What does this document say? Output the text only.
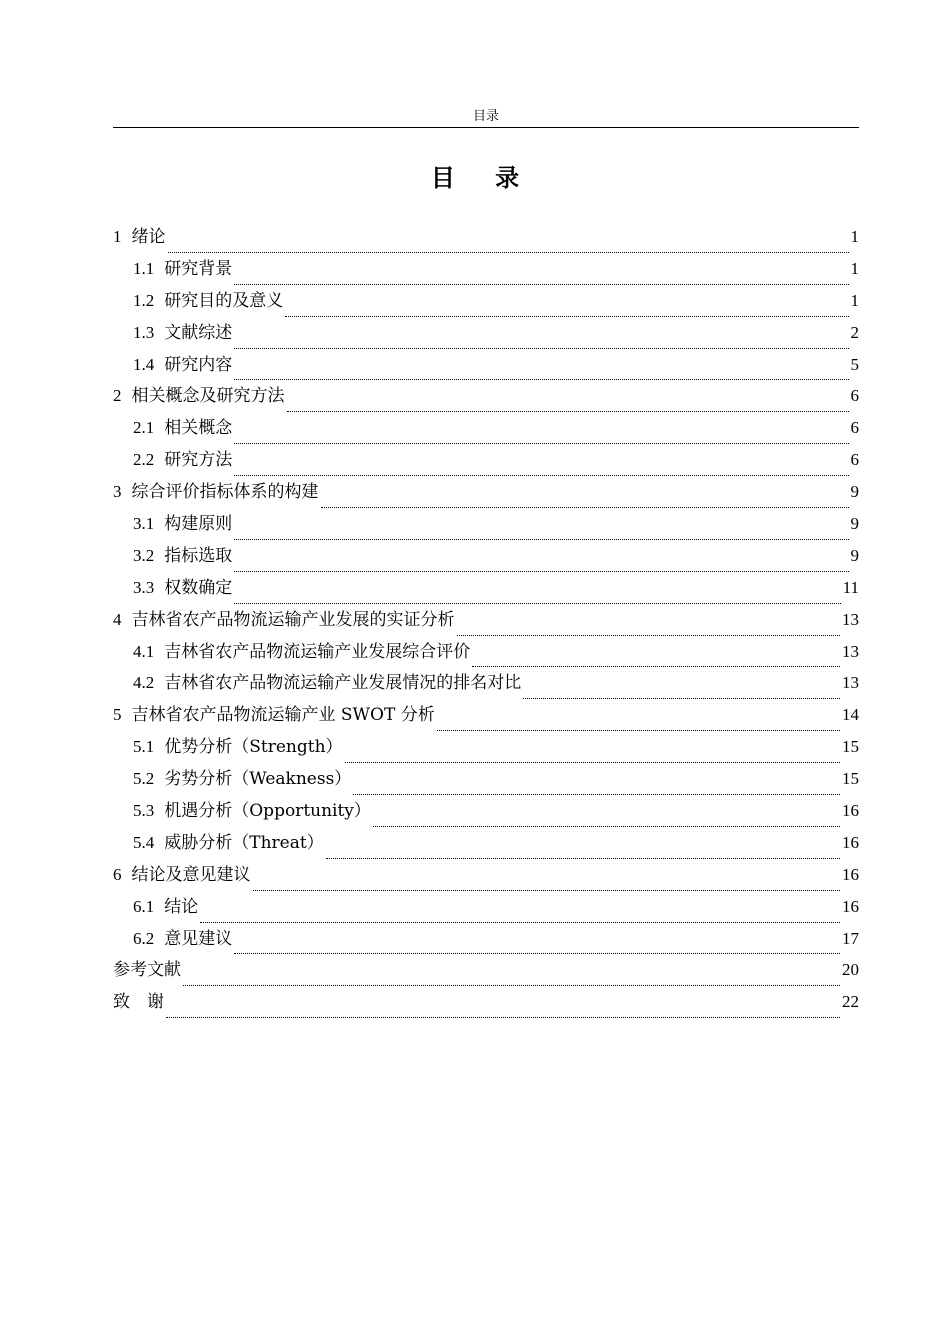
目录
目 录
1 绪论	1
1.1 研究背景	1
1.2 研究目的及意义	1
1.3 文献综述	2
1.4 研究内容	5
2 相关概念及研究方法	6
2.1 相关概念	6
2.2 研究方法	6
3 综合评价指标体系的构建	9
3.1 构建原则	9
3.2 指标选取	9
3.3 权数确定	11
4 吉林省农产品物流运输产业发展的实证分析	13
4.1 吉林省农产品物流运输产业发展综合评价	13
4.2 吉林省农产品物流运输产业发展情况的排名对比	13
5 吉林省农产品物流运输产业 SWOT 分析	14
5.1 优势分析（Strength）	15
5.2 劣势分析（Weakness）	15
5.3 机遇分析（Opportunity）	16
5.4 威胁分析（Threat）	16
6 结论及意见建议	16
6.1 结论	16
6.2 意见建议	17
参考文献	20
致　谢	22
